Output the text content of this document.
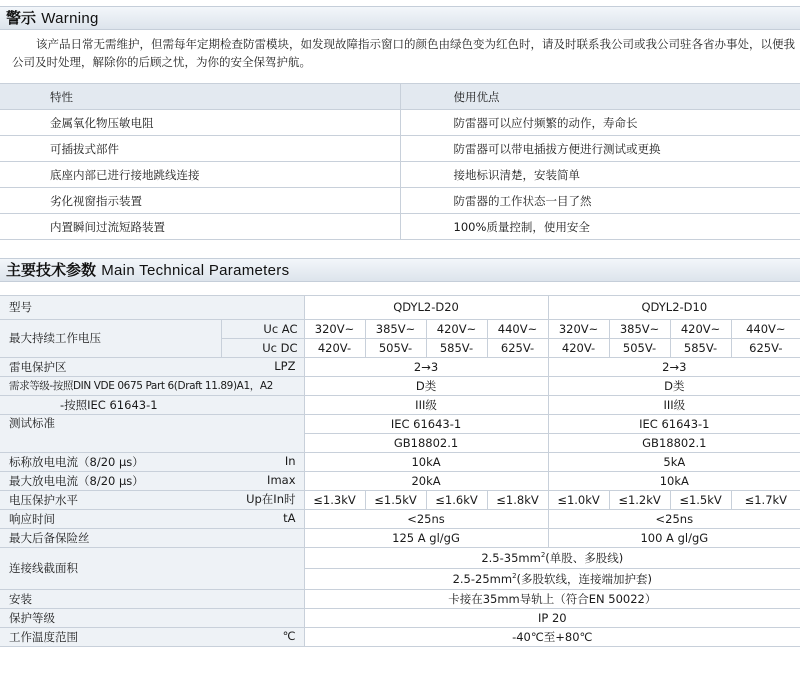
警示 Warning

该产品日常无需维护，但需每年定期检查防雷模块，如发现故障指示窗口的颜色由绿色变为红色时，请及时联系我公司或我公司驻各省办事处，以便我公司及时处理，解除你的后顾之忧，为你的安全保驾护航。

特性	使用优点
金属氧化物压敏电阻	防雷器可以应付频繁的动作，寿命长
可插拔式部件	防雷器可以带电插拔方便进行测试或更换
底座内部已进行接地跳线连接	接地标识清楚，安装简单
劣化视窗指示装置	防雷器的工作状态一目了然
内置瞬间过流短路装置	100%质量控制，使用安全
主要技术参数 Main Technical Parameters
型号		QDYL2-D20				QDYL2-D10			
最大持续工作电压	Uc AC	320V~	385V~	420V~	440V~	320V~	385V~	420V~	440V~
	Uc DC	420V-	505V-	585V-	625V-	420V-	505V-	585V-	625V-
雷电保护区 LPZ		2→3				2→3			
需求等级-按照DIN VDE 0675 Part 6(Draft 11.89)A1，A2		D类				D类			
-按照IEC 61643-1		III级				III级			
测试标准		IEC 61643-1				IEC 61643-1			
		GB18802.1				GB18802.1			
标称放电电流（8/20 μs） In		10kA				5kA			
最大放电电流（8/20 μs） Imax		20kA				10kA			
电压保护水平 Up在In时		≤1.3kV	≤1.5kV	≤1.6kV	≤1.8kV	≤1.0kV	≤1.2kV	≤1.5kV	≤1.7kV
响应时间 tA		<25ns				<25ns			
最大后备保险丝		125 A gl/gG				100 A gl/gG			
连接线截面积		$2.5-35mm^2$(单股、多股线)							
		$2.5-25mm^2$(多股软线，连接端加护套)							
安装		卡接在35mm导轨上（符合EN 50022）							
保护等级		IP 20							
工作温度范围 ℃		-40℃至+80℃							
